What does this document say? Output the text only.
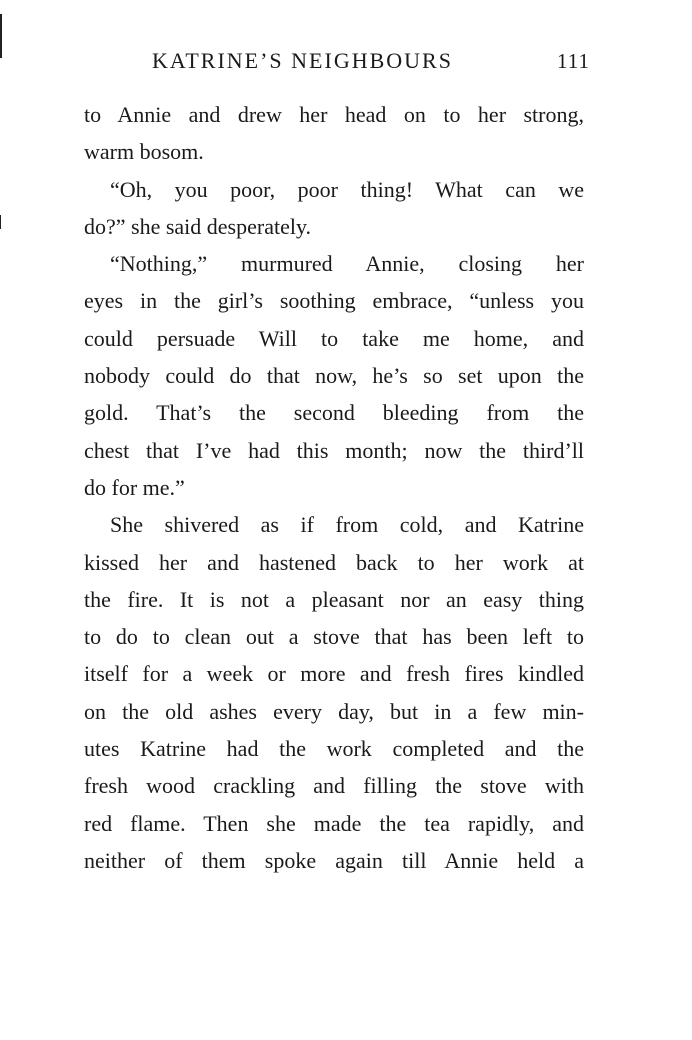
KATRINE’S NEIGHBOURS	111
to Annie and drew her head on to her strong,
warm bosom.
“Oh, you poor, poor thing! What can we
do?” she said desperately.
“Nothing,” murmured Annie, closing her
eyes in the girl’s soothing embrace, “unless you
could persuade Will to take me home, and
nobody could do that now, he’s so set upon the
gold. That’s the second bleeding from the
chest that I’ve had this month; now the third’ll
do for me.”
She shivered as if from cold, and Katrine
kissed her and hastened back to her work at
the fire. It is not a pleasant nor an easy thing
to do to clean out a stove that has been left to
itself for a week or more and fresh fires kindled
on the old ashes every day, but in a few min-
utes Katrine had the work completed and the
fresh wood crackling and filling the stove with
red flame. Then she made the tea rapidly, and
neither of them spoke again till Annie held a
